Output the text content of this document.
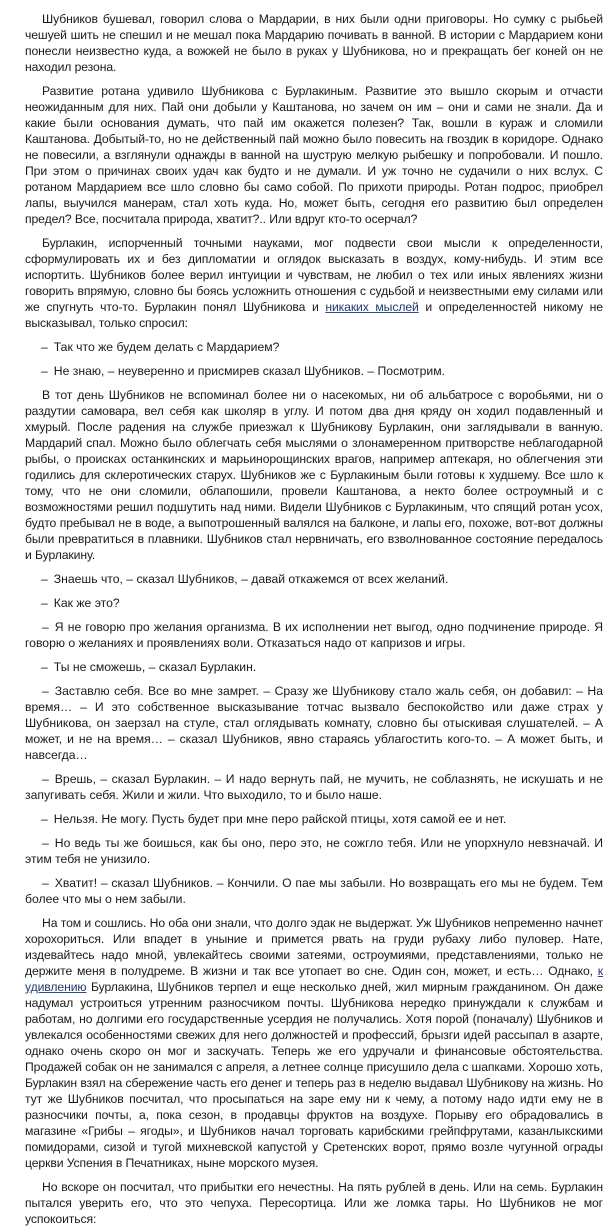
Шубников бушевал, говорил слова о Мардарии, в них были одни приговоры. Но сумку с рыбьей чешуей шить не спешил и не мешал пока Мардарию почивать в ванной. В истории с Мардарием кони понесли неизвестно куда, а вожжей не было в руках у Шубникова, но и прекращать бег коней он не находил резона.

Развитие ротана удивило Шубникова с Бурлакиным. Развитие это вышло скорым и отчасти неожиданным для них. Пай они добыли у Каштанова, но зачем он им – они и сами не знали. Да и какие были основания думать, что пай им окажется полезен? Так, вошли в кураж и сломили Каштанова. Добытый-то, но не действенный пай можно было повесить на гвоздик в коридоре. Однако не повесили, а взглянули однажды в ванной на шуструю мелкую рыбешку и попробовали. И пошло. При этом о причинах своих удач как будто и не думали. И уж точно не судачили о них вслух. С ротаном Мардарием все шло словно бы само собой. По прихоти природы. Ротан подрос, приобрел лапы, выучился манерам, стал хоть куда. Но, может быть, сегодня его развитию был определен предел? Все, посчитала природа, хватит?.. Или вдруг кто-то осерчал?

Бурлакин, испорченный точными науками, мог подвести свои мысли к определенности, сформулировать их и без дипломатии и оглядок высказать в воздух, кому-нибудь. И этим все испортить. Шубников более верил интуиции и чувствам, не любил о тех или иных явлениях жизни говорить впрямую, словно бы боясь усложнить отношения с судьбой и неизвестными ему силами или же спугнуть что-то. Бурлакин понял Шубникова и никаких мыслей и определенностей никому не высказывал, только спросил:

– Так что же будем делать с Мардарием?

– Не знаю, – неуверенно и присмирев сказал Шубников. – Посмотрим.

В тот день Шубников не вспоминал более ни о насекомых, ни об альбатросе с воробьями, ни о раздутии самовара, вел себя как школяр в углу. И потом два дня кряду он ходил подавленный и хмурый. После радения на службе приезжал к Шубникову Бурлакин, они заглядывали в ванную. Мардарий спал. Можно было облегчать себя мыслями о злонамеренном притворстве неблагодарной рыбы, о происках останкинских и марьинорощинских врагов, например аптекаря, но облегчения эти годились для склеротических старух. Шубников же с Бурлакиным были готовы к худшему. Все шло к тому, что не они сломили, облапошили, провели Каштанова, а некто более остроумный и с возможностями решил подшутить над ними. Видели Шубников с Бурлакиным, что спящий ротан усох, будто пребывал не в воде, а выпотрошенный валялся на балконе, и лапы его, похоже, вот-вот должны были превратиться в плавники. Шубников стал нервничать, его взволнованное состояние передалось и Бурлакину.

– Знаешь что, – сказал Шубников, – давай откажемся от всех желаний.

– Как же это?

– Я не говорю про желания организма. В их исполнении нет выгод, одно подчинение природе. Я говорю о желаниях и проявлениях воли. Отказаться надо от капризов и игры.

– Ты не сможешь, – сказал Бурлакин.

– Заставлю себя. Все во мне замрет. – Сразу же Шубникову стало жаль себя, он добавил: – На время… – И это собственное высказывание тотчас вызвало беспокойство или даже страх у Шубникова, он заерзал на стуле, стал оглядывать комнату, словно бы отыскивая слушателей. – А может, и не на время… – сказал Шубников, явно стараясь ублагостить кого-то. – А может быть, и навсегда…

– Врешь, – сказал Бурлакин. – И надо вернуть пай, не мучить, не соблазнять, не искушать и не запугивать себя. Жили и жили. Что выходило, то и было наше.

– Нельзя. Не могу. Пусть будет при мне перо райской птицы, хотя самой ее и нет.

– Но ведь ты же боишься, как бы оно, перо это, не сожгло тебя. Или не упорхнуло невзначай. И этим тебя не унизило.

– Хватит! – сказал Шубников. – Кончили. О пае мы забыли. Но возвращать его мы не будем. Тем более что мы о нем забыли.

На том и сошлись. Но оба они знали, что долго эдак не выдержат. Уж Шубников непременно начнет хорохориться. Или впадет в уныние и примется рвать на груди рубаху либо пуловер. Нате, издевайтесь надо мной, увлекайтесь своими затеями, остроумиями, представлениями, только не держите меня в полудреме. В жизни и так все утопает во сне. Один сон, может, и есть… Однако, к удивлению Бурлакина, Шубников терпел и еще несколько дней, жил мирным гражданином. Он даже надумал устроиться утренним разносчиком почты. Шубникова нередко принуждали к службам и работам, но долгими его государственные усердия не получались. Хотя порой (поначалу) Шубников и увлекался особенностями свежих для него должностей и профессий, брызги идей рассыпал в азарте, однако очень скоро он мог и заскучать. Теперь же его удручали и финансовые обстоятельства. Продажей собак он не занимался с апреля, а летнее солнце присушило дела с шапками. Хорошо хоть, Бурлакин взял на сбережение часть его денег и теперь раз в неделю выдавал Шубникову на жизнь. Но тут же Шубников посчитал, что просыпаться на заре ему ни к чему, а потому надо идти ему не в разносчики почты, а, пока сезон, в продавцы фруктов на воздухе. Порыву его обрадовались в магазине «Грибы – ягоды», и Шубников начал торговать карибскими грейпфрутами, казанлыкскими помидорами, сизой и тугой михневской капустой у Сретенских ворот, прямо возле чугунной ограды церкви Успения в Печатниках, ныне морского музея.

Но вскоре он посчитал, что прибытки его нечестны. На пять рублей в день. Или на семь. Бурлакин пытался уверить его, что это чепуха. Пересортица. Или же ломка тары. Но Шубников не мог успокоиться:
